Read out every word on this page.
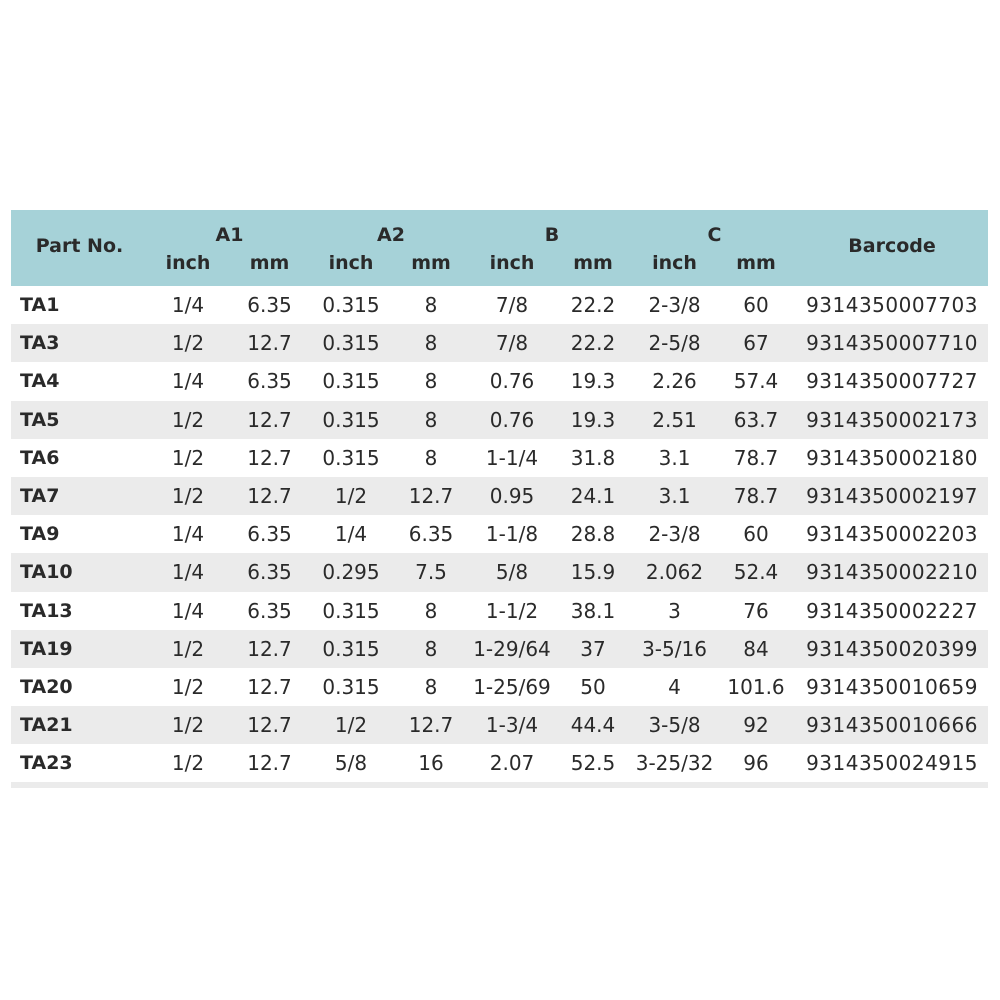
Part No.	A1		A2		B		C		Barcode
	inch	mm	inch	mm	inch	mm	inch	mm	
TA1	1/4	6.35	0.315	8	7/8	22.2	2-3/8	60	9314350007703
TA3	1/2	12.7	0.315	8	7/8	22.2	2-5/8	67	9314350007710
TA4	1/4	6.35	0.315	8	0.76	19.3	2.26	57.4	9314350007727
TA5	1/2	12.7	0.315	8	0.76	19.3	2.51	63.7	9314350002173
TA6	1/2	12.7	0.315	8	1-1/4	31.8	3.1	78.7	9314350002180
TA7	1/2	12.7	1/2	12.7	0.95	24.1	3.1	78.7	9314350002197
TA9	1/4	6.35	1/4	6.35	1-1/8	28.8	2-3/8	60	9314350002203
TA10	1/4	6.35	0.295	7.5	5/8	15.9	2.062	52.4	9314350002210
TA13	1/4	6.35	0.315	8	1-1/2	38.1	3	76	9314350002227
TA19	1/2	12.7	0.315	8	1-29/64	37	3-5/16	84	9314350020399
TA20	1/2	12.7	0.315	8	1-25/69	50	4	101.6	9314350010659
TA21	1/2	12.7	1/2	12.7	1-3/4	44.4	3-5/8	92	9314350010666
TA23	1/2	12.7	5/8	16	2.07	52.5	3-25/32	96	9314350024915
